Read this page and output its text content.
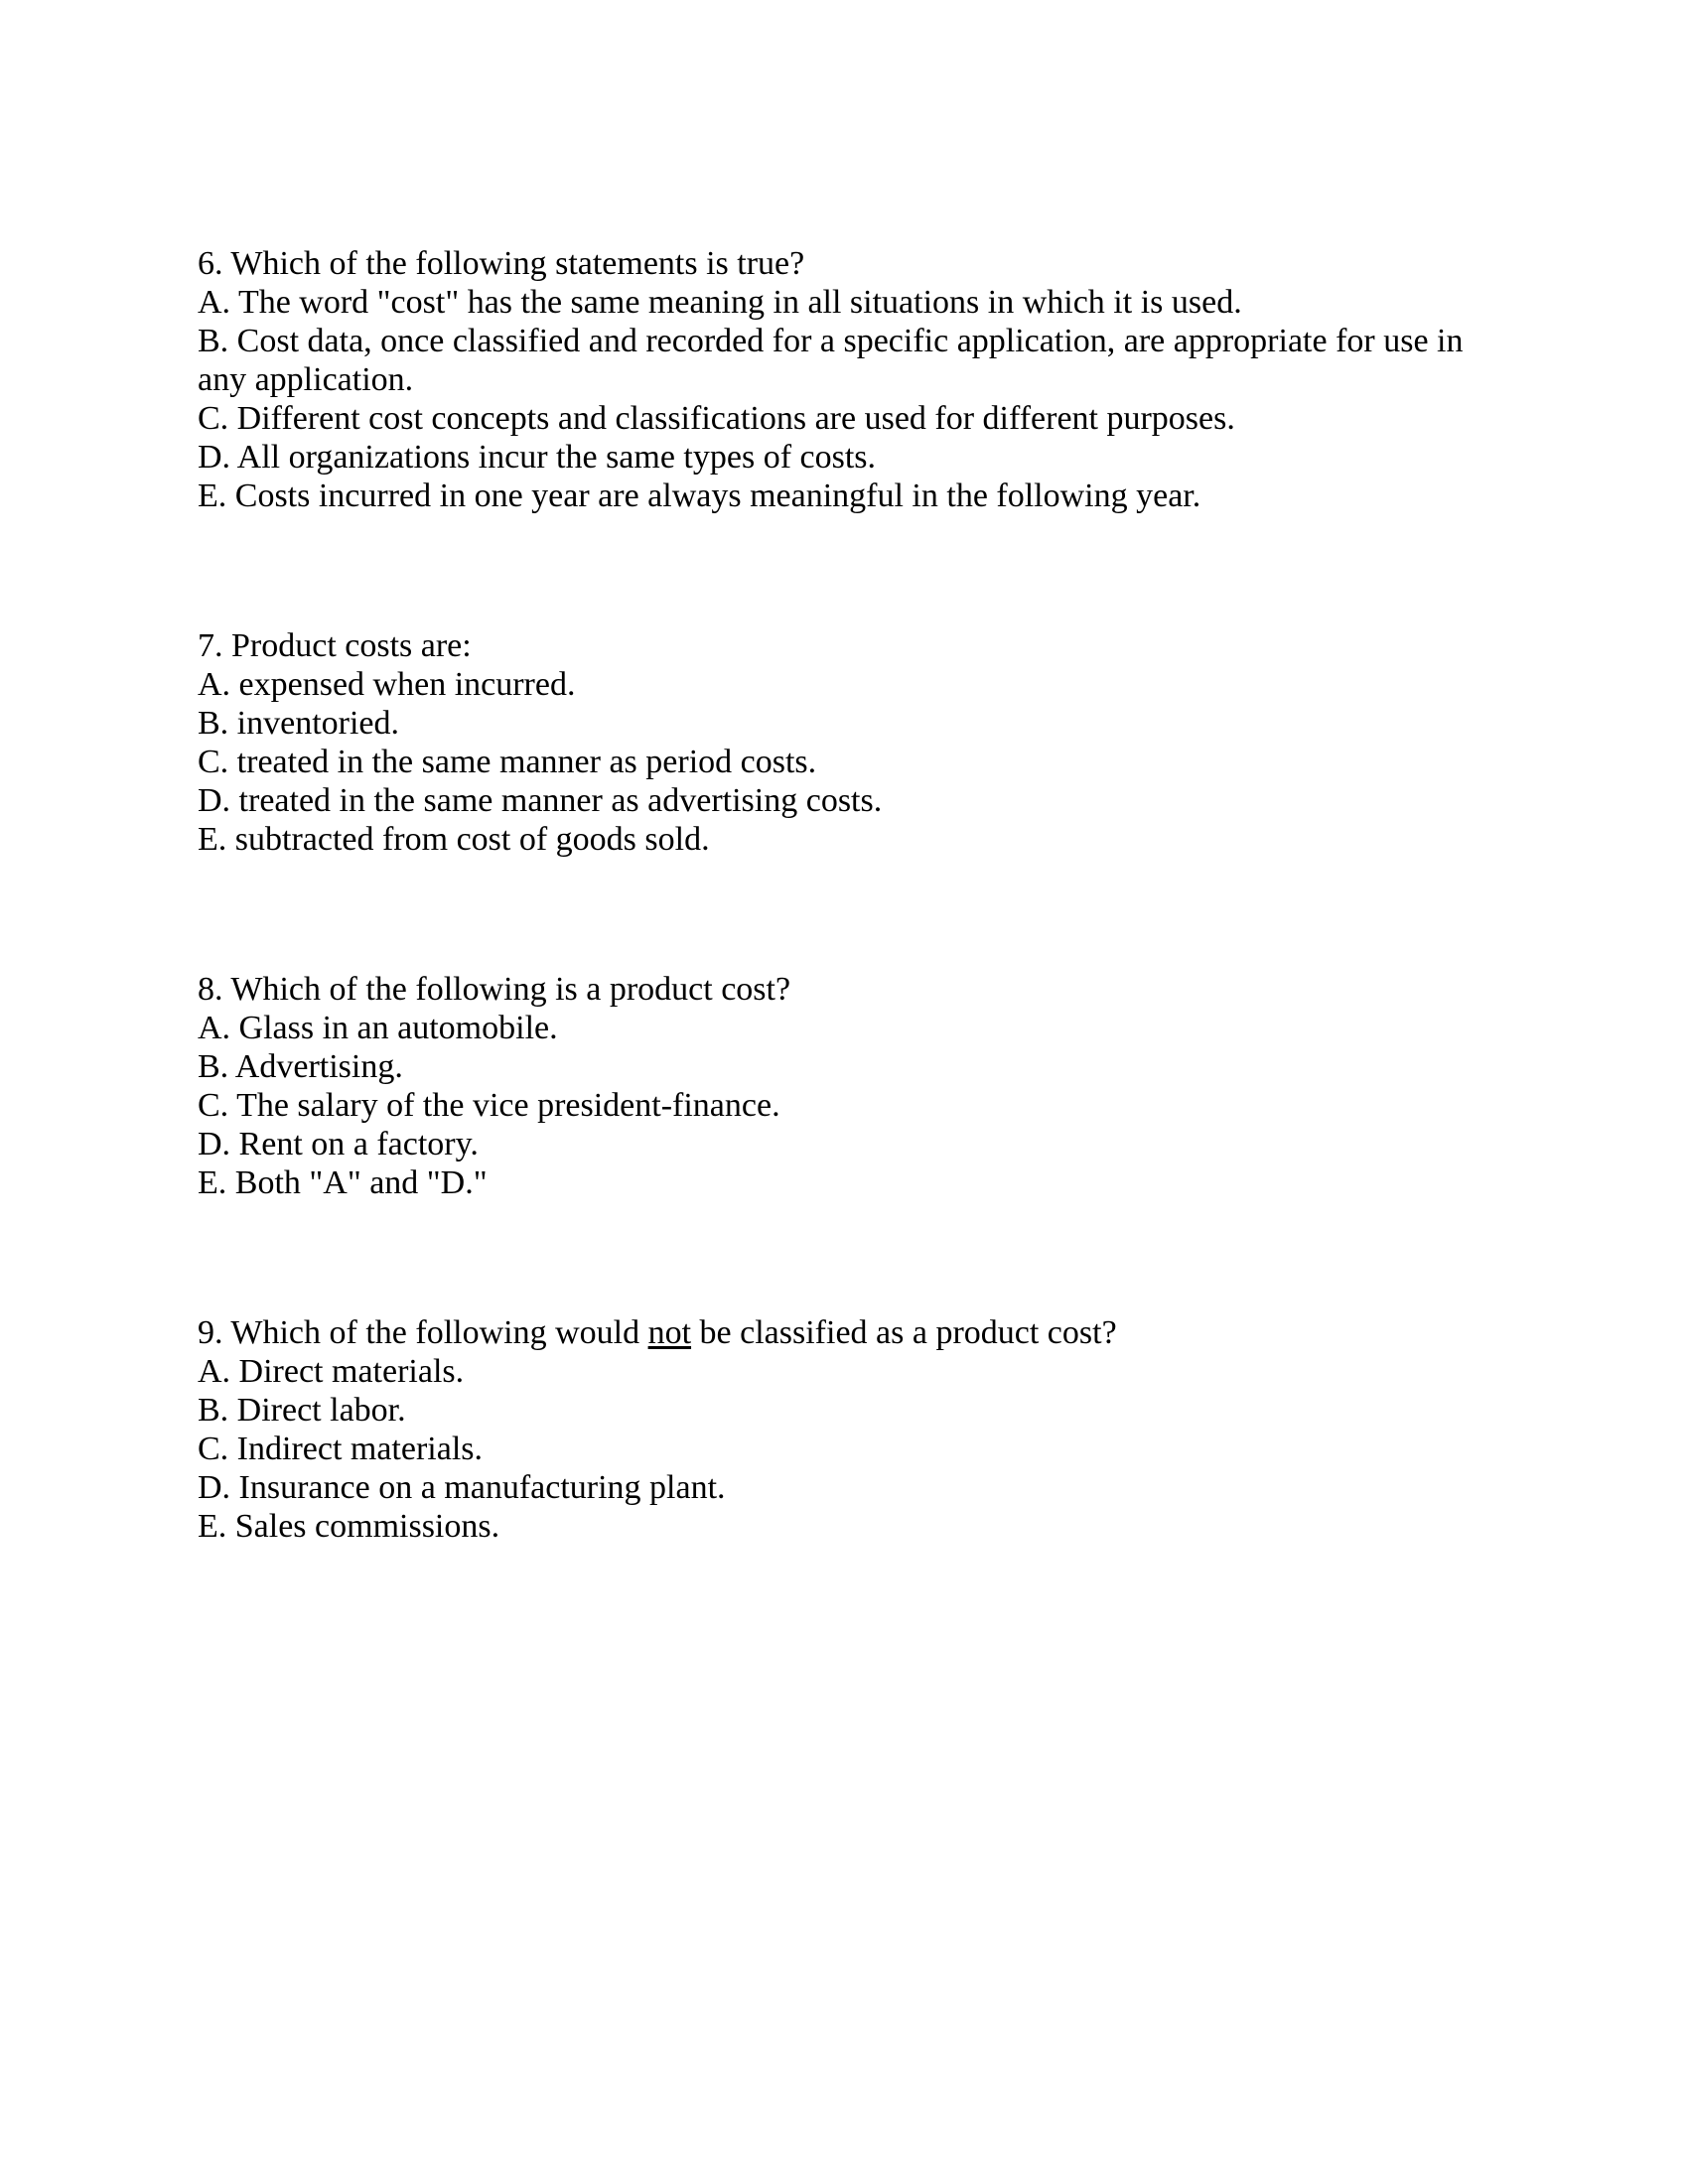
6. Which of the following statements is true?
A. The word "cost" has the same meaning in all situations in which it is used.
B. Cost data, once classified and recorded for a specific application, are appropriate for use in
any application.
C. Different cost concepts and classifications are used for different purposes.
D. All organizations incur the same types of costs.
E. Costs incurred in one year are always meaningful in the following year.
7. Product costs are:
A. expensed when incurred.
B. inventoried.
C. treated in the same manner as period costs.
D. treated in the same manner as advertising costs.
E. subtracted from cost of goods sold.
8. Which of the following is a product cost?
A. Glass in an automobile.
B. Advertising.
C. The salary of the vice president-finance.
D. Rent on a factory.
E. Both "A" and "D."
9. Which of the following would not be classified as a product cost?
A. Direct materials.
B. Direct labor.
C. Indirect materials.
D. Insurance on a manufacturing plant.
E. Sales commissions.
